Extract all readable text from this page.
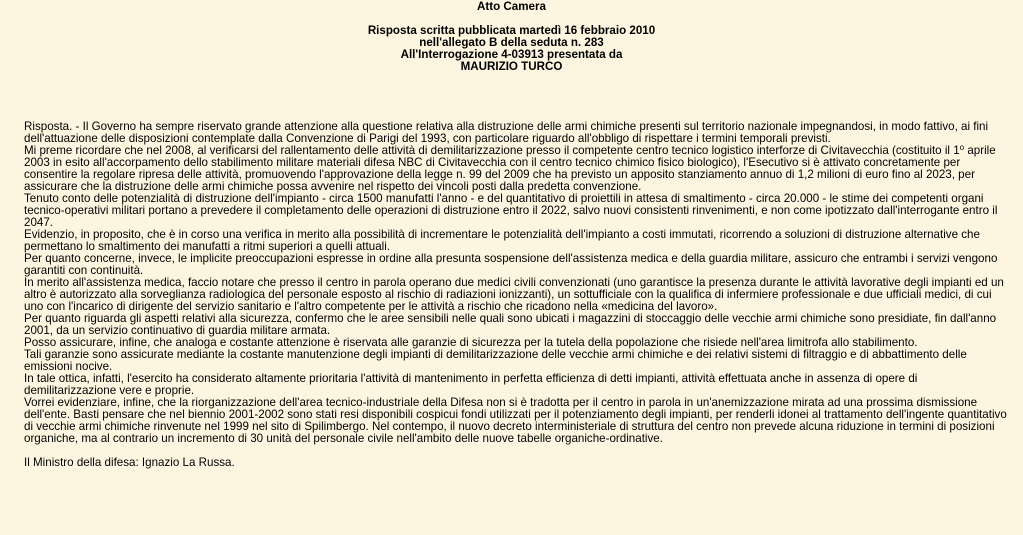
Atto Camera
Risposta scritta pubblicata martedì 16 febbraio 2010
nell'allegato B della seduta n. 283
All'Interrogazione 4-03913 presentata da
MAURIZIO TURCO

Risposta. - Il Governo ha sempre riservato grande attenzione alla questione relativa alla distruzione delle armi chimiche presenti sul territorio nazionale impegnandosi, in modo fattivo, ai fini dell'attuazione delle disposizioni contemplate dalla Convenzione di Parigi del 1993, con particolare riguardo all'obbligo di rispettare i termini temporali previsti.

Mi preme ricordare che nel 2008, al verificarsi del rallentamento delle attività di demilitarizzazione presso il competente centro tecnico logistico interforze di Civitavecchia (costituito il 1$^o$ aprile 2003 in esito all'accorpamento dello stabilimento militare materiali difesa NBC di Civitavecchia con il centro tecnico chimico fisico biologico), l'Esecutivo si è attivato concretamente per consentire la regolare ripresa delle attività, promuovendo l'approvazione della legge n. 99 del 2009 che ha previsto un apposito stanziamento annuo di 1,2 milioni di euro fino al 2023, per assicurare che la distruzione delle armi chimiche possa avvenire nel rispetto dei vincoli posti dalla predetta convenzione.

Tenuto conto delle potenzialità di distruzione dell'impianto - circa 1500 manufatti l'anno - e del quantitativo di proiettili in attesa di smaltimento - circa 20.000 - le stime dei competenti organi tecnico-operativi militari portano a prevedere il completamento delle operazioni di distruzione entro il 2022, salvo nuovi consistenti rinvenimenti, e non come ipotizzato dall'interrogante entro il 2047.

Evidenzio, in proposito, che è in corso una verifica in merito alla possibilità di incrementare le potenzialità dell'impianto a costi immutati, ricorrendo a soluzioni di distruzione alternative che permettano lo smaltimento dei manufatti a ritmi superiori a quelli attuali.

Per quanto concerne, invece, le implicite preoccupazioni espresse in ordine alla presunta sospensione dell'assistenza medica e della guardia militare, assicuro che entrambi i servizi vengono garantiti con continuità.

In merito all'assistenza medica, faccio notare che presso il centro in parola operano due medici civili convenzionati (uno garantisce la presenza durante le attività lavorative degli impianti ed un altro è autorizzato alla sorveglianza radiologica del personale esposto al rischio di radiazioni ionizzanti), un sottufficiale con la qualifica di infermiere professionale e due ufficiali medici, di cui uno con l'incarico di dirigente del servizio sanitario e l'altro competente per le attività a rischio che ricadono nella «medicina del lavoro».

Per quanto riguarda gli aspetti relativi alla sicurezza, confermo che le aree sensibili nelle quali sono ubicati i magazzini di stoccaggio delle vecchie armi chimiche sono presidiate, fin dall'anno 2001, da un servizio continuativo di guardia militare armata.

Posso assicurare, infine, che analoga e costante attenzione è riservata alle garanzie di sicurezza per la tutela della popolazione che risiede nell'area limitrofa allo stabilimento.

Tali garanzie sono assicurate mediante la costante manutenzione degli impianti di demilitarizzazione delle vecchie armi chimiche e dei relativi sistemi di filtraggio e di abbattimento delle emissioni nocive.

In tale ottica, infatti, l'esercito ha considerato altamente prioritaria l'attività di mantenimento in perfetta efficienza di detti impianti, attività effettuata anche in assenza di opere di demilitarizzazione vere e proprie.

Vorrei evidenziare, infine, che la riorganizzazione dell'area tecnico-industriale della Difesa non si è tradotta per il centro in parola in un'anemizzazione mirata ad una prossima dismissione dell'ente. Basti pensare che nel biennio 2001-2002 sono stati resi disponibili cospicui fondi utilizzati per il potenziamento degli impianti, per renderli idonei al trattamento dell'ingente quantitativo di vecchie armi chimiche rinvenute nel 1999 nel sito di Spilimbergo. Nel contempo, il nuovo decreto interministeriale di struttura del centro non prevede alcuna riduzione in termini di posizioni organiche, ma al contrario un incremento di 30 unità del personale civile nell'ambito delle nuove tabelle organiche-ordinative.

Il Ministro della difesa: Ignazio La Russa.
